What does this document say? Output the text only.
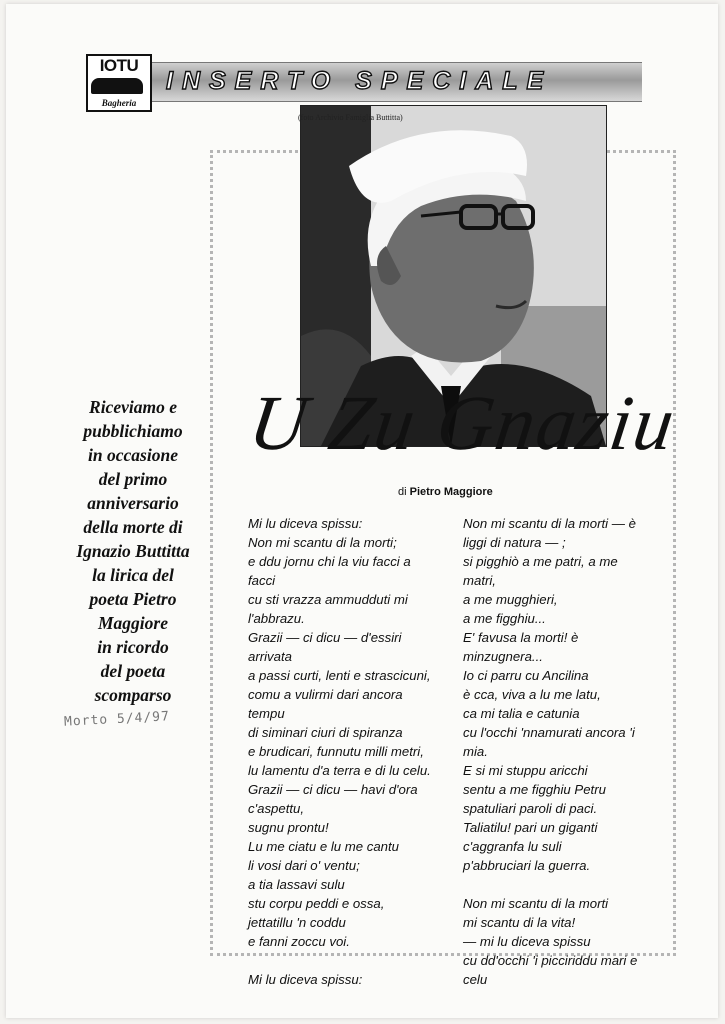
IOTU
Bagheria
INSERTO SPECIALE
(foto Archivio Famiglia Buttitta)
U Zu Gnaziu
di Pietro Maggiore
Riceviamo e
pubblichiamo
in occasione
del primo
anniversario
della morte di
Ignazio Buttitta
la lirica del
poeta Pietro
Maggiore
in ricordo
del poeta
scomparso
Morto 5/4/97
Mi lu diceva spissu:
Non mi scantu di la morti;
e ddu jornu chi la viu facci a
facci
cu sti vrazza ammudduti mi
l'abbrazu.
Grazii — ci dicu — d'essiri
arrivata
a passi curti, lenti e strascicuni,
comu a vulirmi dari ancora
tempu
di siminari ciuri di spiranza
e brudicari, funnutu milli metri,
lu lamentu d'a terra e di lu celu.
Grazii — ci dicu — havi d'ora
c'aspettu,
sugnu prontu!
Lu me ciatu e lu me cantu
li vosi dari o' ventu;
a tia lassavi sulu
stu corpu peddi e ossa,
jettatillu 'n coddu
e fanni zoccu voi.
Mi lu diceva spissu:
Non mi scantu di la morti — è
liggi di natura — ;
si pigghiò a me patri, a me
matri,
a me mugghieri,
a me figghiu...
E' favusa la morti! è
minzugnera...
Io ci parru cu Ancilina
è cca, viva a lu me latu,
ca mi talia e catunia
cu l'occhi 'nnamurati ancora 'i
mia.
E si mi stuppu aricchi
sentu a me figghiu Petru
spatuliari paroli di paci.
Taliatilu! pari un giganti
c'aggranfa lu suli
p'abbruciari la guerra.
Non mi scantu di la morti
mi scantu di la vita!
— mi lu diceva spissu
cu dd'occhi 'i picciriddu mari e
celu
